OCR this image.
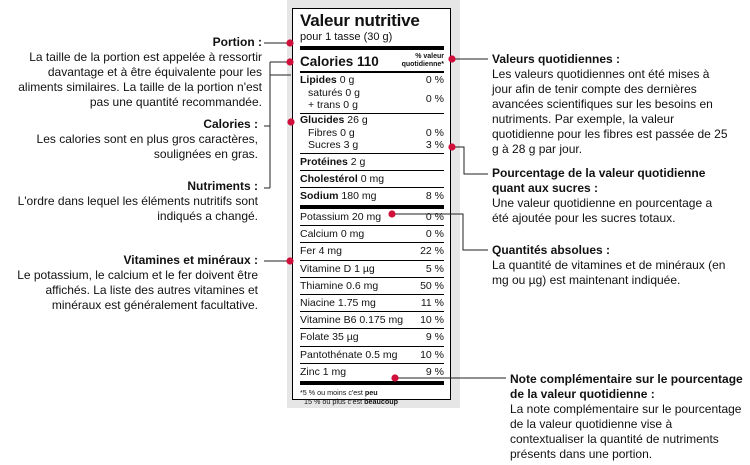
Portion :
La taille de la portion est appelée à ressortir davantage et à être équivalente pour les aliments similaires. La taille de la portion n'est pas une quantité recommandée.
Calories :
Les calories sont en plus gros caractères, soulignées en gras.
Nutriments :
L'ordre dans lequel les éléments nutritifs sont indiqués a changé.
Vitamines et minéraux :
Le potassium, le calcium et le fer doivent être affichés. La liste des autres vitamines et minéraux est généralement facultative.
Valeurs quotidiennes :
Les valeurs quotidiennes ont été mises à jour afin de tenir compte des dernières avancées scientifiques sur les besoins en nutriments. Par exemple, la valeur quotidienne pour les fibres est passée de 25 g à 28 g par jour.
Pourcentage de la valeur quotidienne quant aux sucres :
Une valeur quotidienne en pourcentage a été ajoutée pour les sucres totaux.
Quantités absolues :
La quantité de vitamines et de minéraux (en mg ou µg) est maintenant indiquée.
Note complémentaire sur le pourcentage de la valeur quotidienne :
La note complémentaire sur le pourcentage de la valeur quotidienne vise à contextualiser la quantité de nutriments présents dans une portion.
Valeur nutritive
pour 1 tasse (30 g)
Calories 110	% valeur
quotidienne*
Lipides 0 g	0 %
saturés 0 g
+ trans 0 g	0 %
Glucides 26 g
Fibres 0 g	0 %
Sucres 3 g	3 %
Protéines 2 g
Cholestérol 0 mg
Sodium 180 mg	8 %
Potassium 20 mg	0 %
Calcium 0 mg	0 %
Fer 4 mg	22 %
Vitamine D 1 µg	5 %
Thiamine 0.6 mg	50 %
Niacine 1.75 mg	11 %
Vitamine B6 0.175 mg 10 %
Folate 35 µg	9 %
Pantothénate 0.5 mg 10 %
Zinc 1 mg	9 %
*5 % ou moins c'est peu
15 % ou plus c'est beaucoup
